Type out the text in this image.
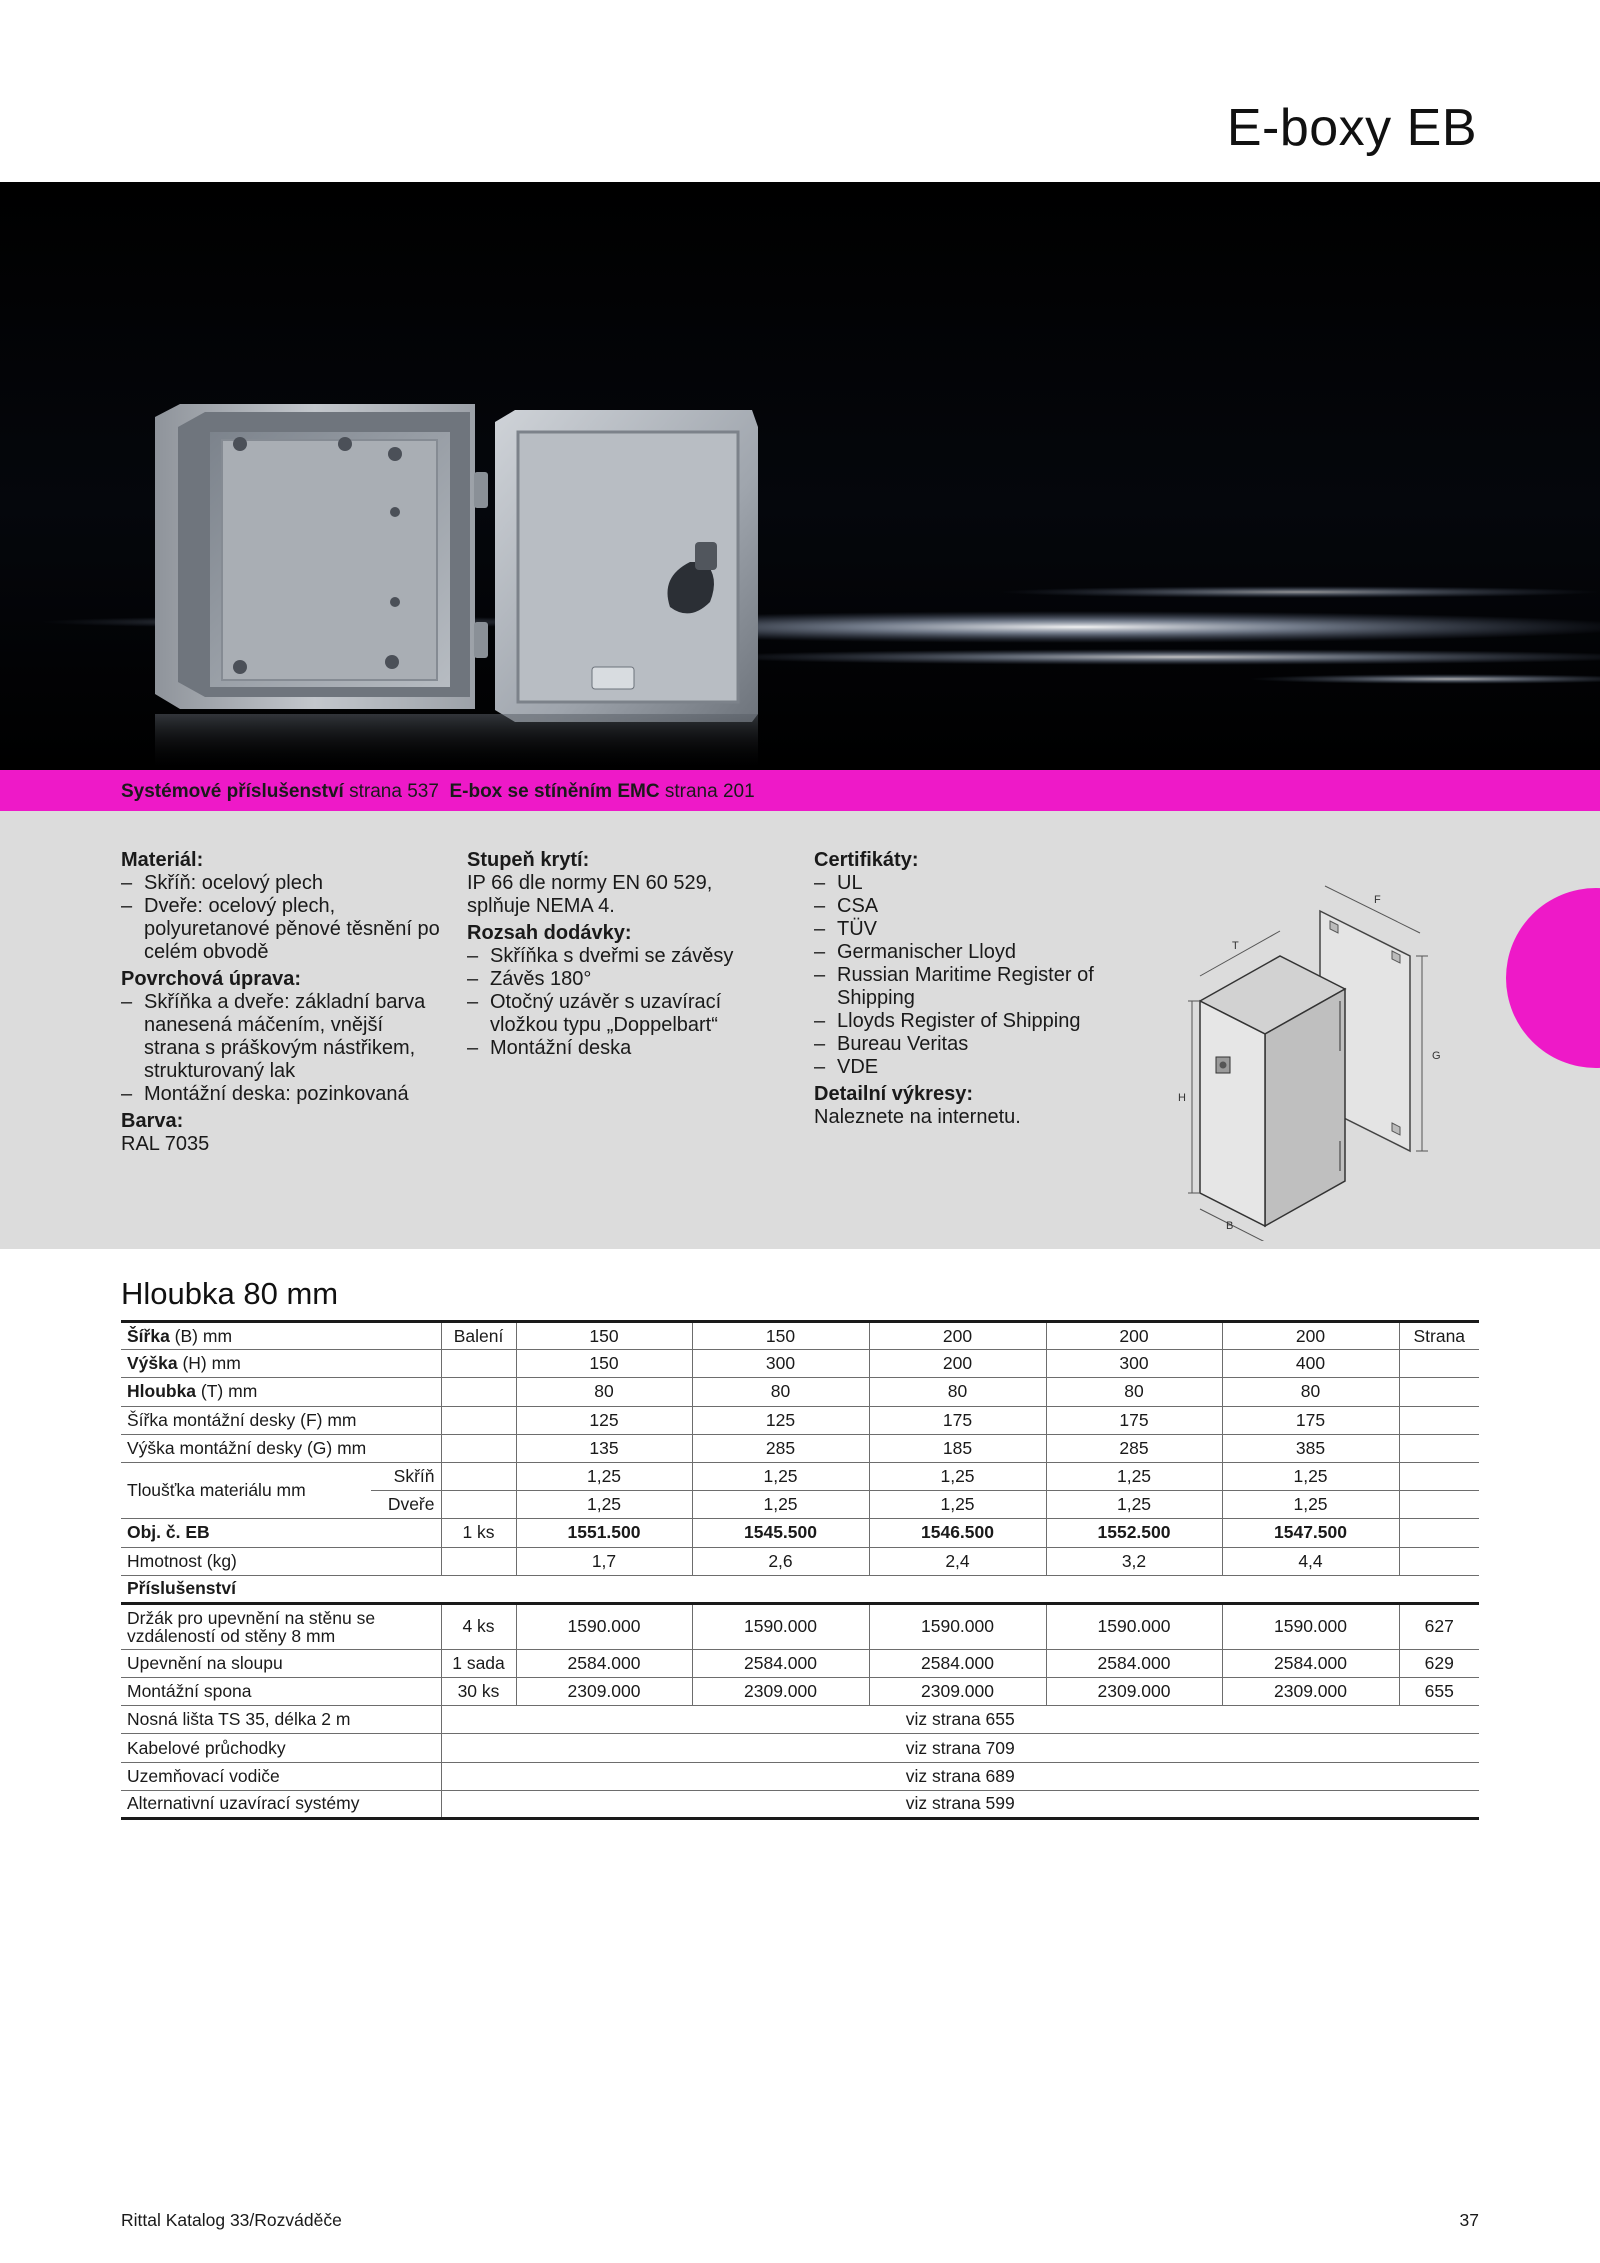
E-boxy EB
Systémové příslušenství strana 537 E-box se stíněním EMC strana 201
Materiál:
– Skříň: ocelový plech
– Dveře: ocelový plech, polyuretanové pěnové těsnění po celém obvodě
Povrchová úprava:
– Skříňka a dveře: základní barva nanesená máčením, vnější strana s práškovým nástřikem, strukturovaný lak
– Montážní deska: pozinkovaná
Barva:
RAL 7035
Stupeň krytí:
IP 66 dle normy EN 60 529, splňuje NEMA 4.
Rozsah dodávky:
– Skříňka s dveřmi se závěsy
– Závěs 180°
– Otočný uzávěr s uzavírací vložkou typu „Doppelbart“
– Montážní deska
Certifikáty:
– UL
– CSA
– TÜV
– Germanischer Lloyd
– Russian Maritime Register of Shipping
– Lloyds Register of Shipping
– Bureau Veritas
– VDE
Detailní výkresy:
Naleznete na internetu.
H
B
T
F
G
Hloubka 80 mm
Šířka (B) mm		Balení	150	150	200	200	200	Strana
Výška (H) mm			150	300	200	300	400	
Hloubka (T) mm			80	80	80	80	80	
Šířka montážní desky (F) mm			125	125	175	175	175	
Výška montážní desky (G) mm			135	285	185	285	385	
Tloušťka materiálu mm	Skříň		1,25	1,25	1,25	1,25	1,25	
	Dveře		1,25	1,25	1,25	1,25	1,25	
Obj. č. EB		1 ks	1551.500	1545.500	1546.500	1552.500	1547.500	
Hmotnost (kg)			1,7	2,6	2,4	3,2	4,4	
Příslušenství								
Držák pro upevnění na stěnu se vzdáleností od stěny 8 mm		4 ks	1590.000	1590.000	1590.000	1590.000	1590.000	627
Upevnění na sloupu		1 sada	2584.000	2584.000	2584.000	2584.000	2584.000	629
Montážní spona		30 ks	2309.000	2309.000	2309.000	2309.000	2309.000	655
Nosná lišta TS 35, délka 2 m		viz strana 655						
Kabelové průchodky		viz strana 709						
Uzemňovací vodiče		viz strana 689						
Alternativní uzavírací systémy		viz strana 599						
Rittal Katalog 33/Rozváděče	37
